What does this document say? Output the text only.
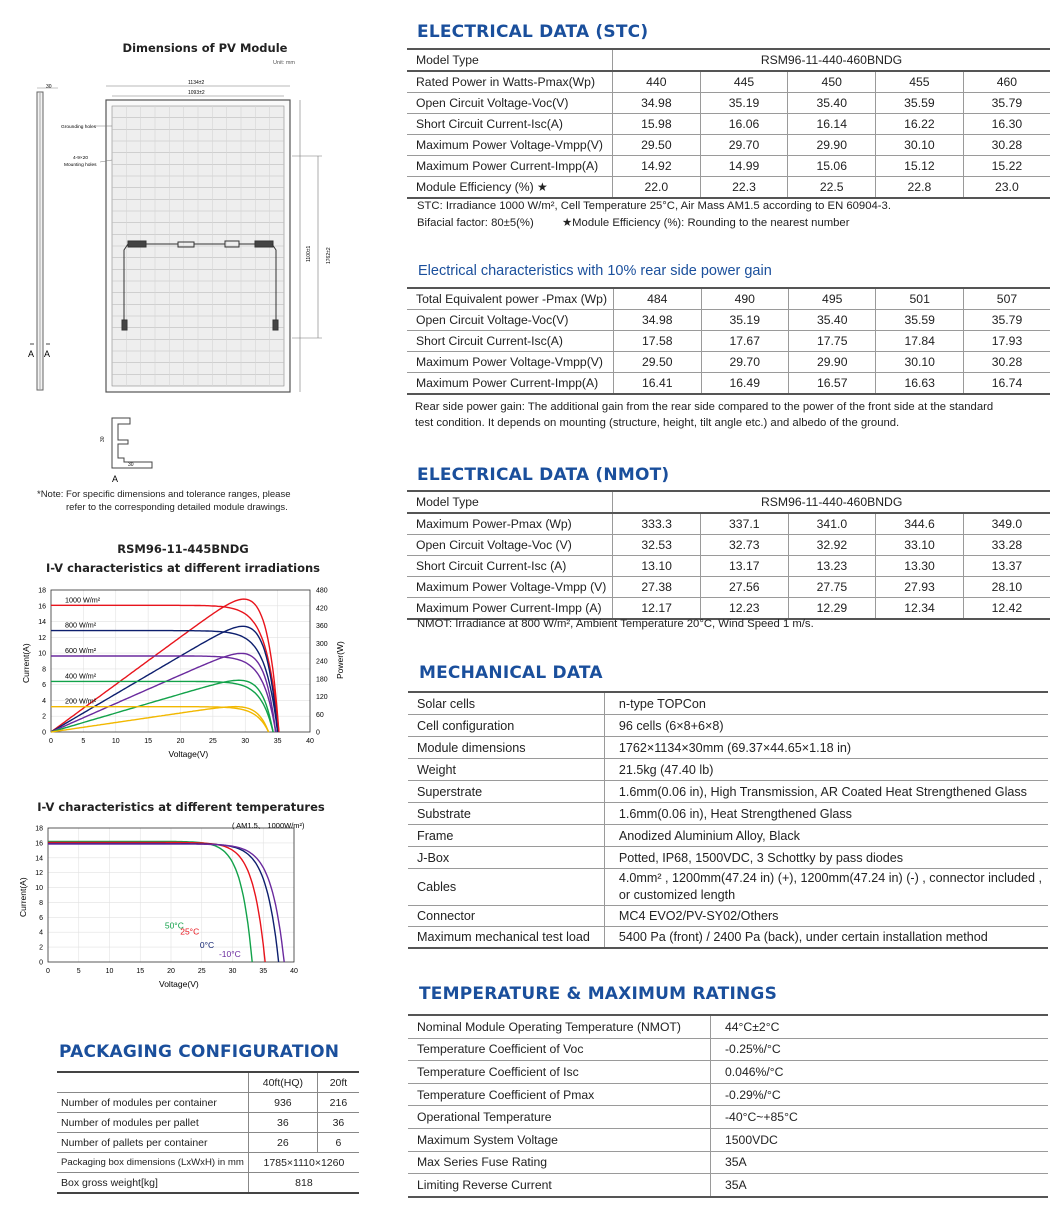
Dimensions of PV Module
Unit: mm
30
A A
1134±2
1093±2
1100±1	1762±2
Grounding holes
4-9×20
Mounting holes
30
30
A
*Note: For specific dimensions and tolerance ranges, please
refer to the corresponding detailed module drawings.
RSM96-11-445BNDG
I-V characteristics at different irradiations
0	5	10	15	20	25	30	35	40
0
2
4
6
8
10
12
14
16
18
0
60
120
180
240
300
360
420
480
Voltage(V)
Current(A)	Power(W)
1000 W/m²
800 W/m²
600 W/m²
400 W/m²
200 W/m²
I-V characteristics at different temperatures
0	5	10	15	20	25	30	35	40
0
2
4
6
8
10
12
14
16
18
Voltage(V)
Current(A)
50°C
25°C
0°C
-10°C
( AM1.5、 1000W/m²)
PACKAGING CONFIGURATION
	40ft(HQ)	20ft
Number of modules per container	936	216
Number of modules per pallet	36	36
Number of pallets per container	26	6
Packaging box dimensions (LxWxH) in mm	1785×1110×1260	
Box gross weight[kg]	818	
ELECTRICAL DATA (STC)
Model Type	RSM96-11-440-460BNDG				
Rated Power in Watts-Pmax(Wp)	440	445	450	455	460
Open Circuit Voltage-Voc(V)	34.98	35.19	35.40	35.59	35.79
Short Circuit Current-Isc(A)	15.98	16.06	16.14	16.22	16.30
Maximum Power Voltage-Vmpp(V)	29.50	29.70	29.90	30.10	30.28
Maximum Power Current-Impp(A)	14.92	14.99	15.06	15.12	15.22
Module Efficiency (%) ★	22.0	22.3	22.5	22.8	23.0
STC: Irradiance 1000 W/m², Cell Temperature 25°C, Air Mass AM1.5 according to EN 60904-3.
Bifacial factor: 80±5(%)	★Module Efficiency (%): Rounding to the nearest number
Electrical characteristics with 10% rear side power gain
Total Equivalent power -Pmax (Wp)	484	490	495	501	507
Open Circuit Voltage-Voc(V)	34.98	35.19	35.40	35.59	35.79
Short Circuit Current-Isc(A)	17.58	17.67	17.75	17.84	17.93
Maximum Power Voltage-Vmpp(V)	29.50	29.70	29.90	30.10	30.28
Maximum Power Current-Impp(A)	16.41	16.49	16.57	16.63	16.74
Rear side power gain: The additional gain from the rear side compared to the power of the front side at the standard
test condition. It depends on mounting (structure, height, tilt angle etc.) and albedo of the ground.
ELECTRICAL DATA (NMOT)
Model Type	RSM96-11-440-460BNDG				
Maximum Power-Pmax (Wp)	333.3	337.1	341.0	344.6	349.0
Open Circuit Voltage-Voc (V)	32.53	32.73	32.92	33.10	33.28
Short Circuit Current-Isc (A)	13.10	13.17	13.23	13.30	13.37
Maximum Power Voltage-Vmpp (V)	27.38	27.56	27.75	27.93	28.10
Maximum Power Current-Impp (A)	12.17	12.23	12.29	12.34	12.42
NMOT: Irradiance at 800 W/m², Ambient Temperature 20°C, Wind Speed 1 m/s.
MECHANICAL DATA
Solar cells	n-type TOPCon
Cell configuration	96 cells (6×8+6×8)
Module dimensions	1762×1134×30mm (69.37×44.65×1.18 in)
Weight	21.5kg (47.40 lb)
Superstrate	1.6mm(0.06 in), High Transmission, AR Coated Heat Strengthened Glass
Substrate	1.6mm(0.06 in), Heat Strengthened Glass
Frame	Anodized Aluminium Alloy, Black
J-Box	Potted, IP68, 1500VDC, 3 Schottky by pass diodes
Cables	4.0mm² , 1200mm(47.24 in) (+), 1200mm(47.24 in) (-) , connector included ,
or customized length

Connector	MC4 EVO2/PV-SY02/Others
Maximum mechanical test load	5400 Pa (front) / 2400 Pa (back), under certain installation method
TEMPERATURE & MAXIMUM RATINGS
Nominal Module Operating Temperature (NMOT)	44°C±2°C
Temperature Coefficient of Voc	-0.25%/°C
Temperature Coefficient of Isc	0.046%/°C
Temperature Coefficient of Pmax	-0.29%/°C
Operational Temperature	-40°C~+85°C
Maximum System Voltage	1500VDC
Max Series Fuse Rating	35A
Limiting Reverse Current	35A
